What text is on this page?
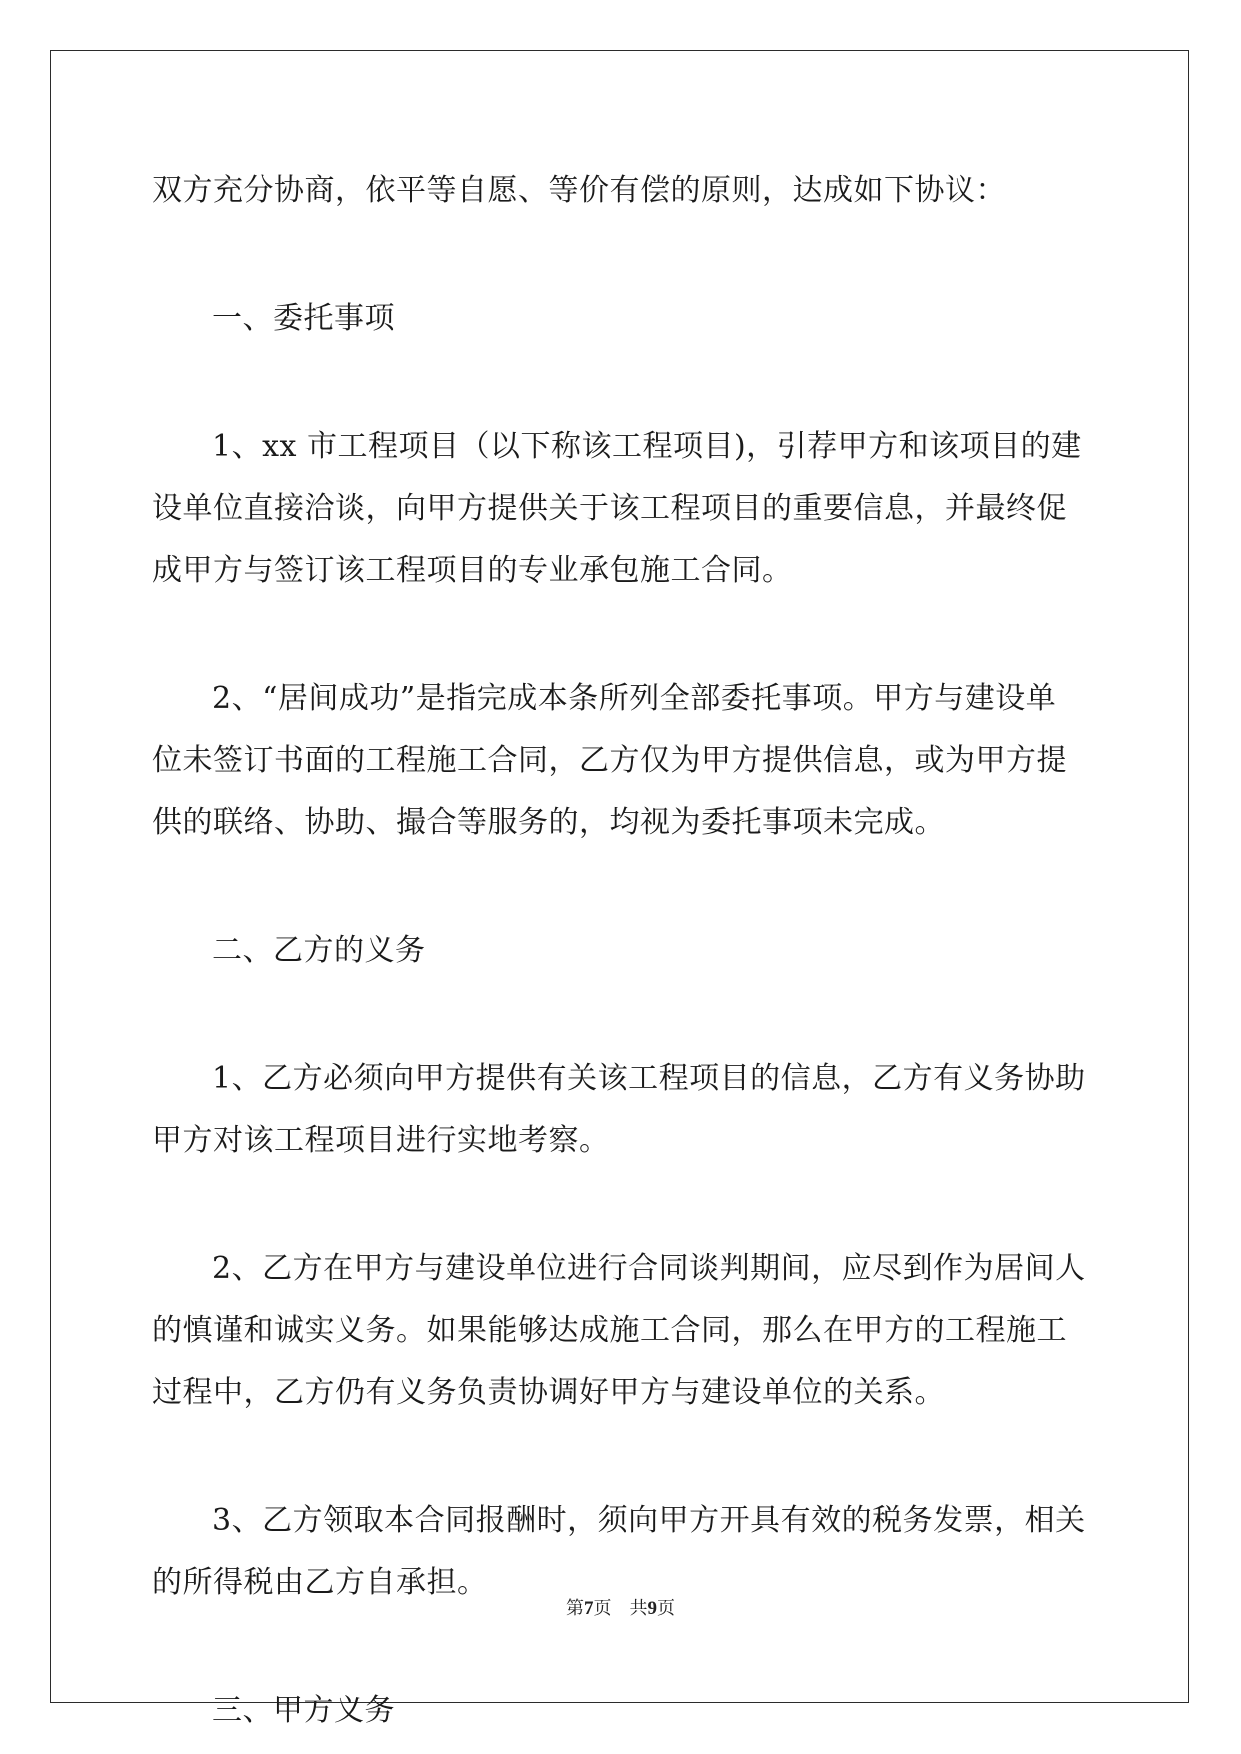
双方充分协商，依平等自愿、等价有偿的原则，达成如下协议：
一、委托事项
1、xx 市工程项目（以下称该工程项目)，引荐甲方和该项目的建
设单位直接洽谈，向甲方提供关于该工程项目的重要信息，并最终促
成甲方与签订该工程项目的专业承包施工合同。
2、“居间成功”是指完成本条所列全部委托事项。甲方与建设单
位未签订书面的工程施工合同，乙方仅为甲方提供信息，或为甲方提
供的联络、协助、撮合等服务的，均视为委托事项未完成。
二、乙方的义务
1、乙方必须向甲方提供有关该工程项目的信息，乙方有义务协助
甲方对该工程项目进行实地考察。
2、乙方在甲方与建设单位进行合同谈判期间，应尽到作为居间人
的慎谨和诚实义务。如果能够达成施工合同，那么在甲方的工程施工
过程中，乙方仍有义务负责协调好甲方与建设单位的关系。
3、乙方领取本合同报酬时，须向甲方开具有效的税务发票，相关
的所得税由乙方自承担。
三、甲方义务
第7页 共9页
